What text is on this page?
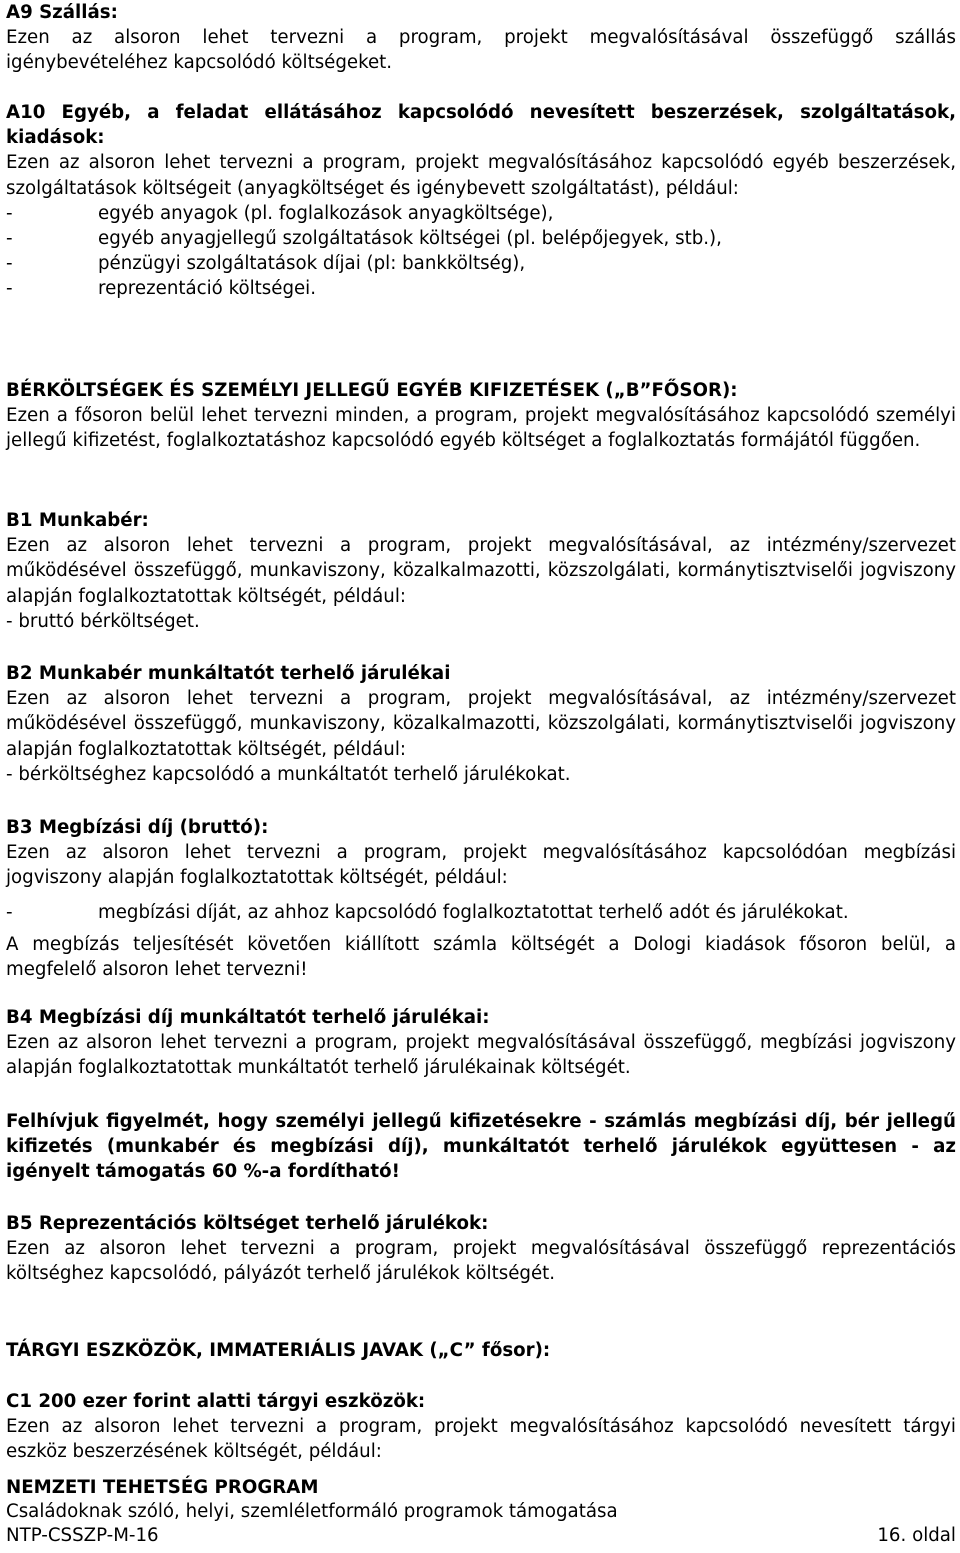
A9 Szállás:

Ezen az alsoron lehet tervezni a program, projekt megvalósításával összefüggő szállás igénybevételéhez kapcsolódó költségeket.

A10 Egyéb, a feladat ellátásához kapcsolódó nevesített beszerzések, szolgáltatások, kiadások:

Ezen az alsoron lehet tervezni a program, projekt megvalósításához kapcsolódó egyéb beszerzések, szolgáltatások költségeit (anyagköltséget és igénybevett szolgáltatást), például:

- egyéb anyagok (pl. foglalkozások anyagköltsége),
- egyéb anyagjellegű szolgáltatások költségei (pl. belépőjegyek, stb.),
- pénzügyi szolgáltatások díjai (pl: bankköltség),
- reprezentáció költségei.

BÉRKÖLTSÉGEK ÉS SZEMÉLYI JELLEGŰ EGYÉB KIFIZETÉSEK („B”FŐSOR):

Ezen a fősoron belül lehet tervezni minden, a program, projekt megvalósításához kapcsolódó személyi jellegű kifizetést, foglalkoztatáshoz kapcsolódó egyéb költséget a foglalkoztatás formájától függően.

B1 Munkabér:

Ezen az alsoron lehet tervezni a program, projekt megvalósításával, az intézmény/szervezet működésével összefüggő, munkaviszony, közalkalmazotti, közszolgálati, kormánytisztviselői jogviszony alapján foglalkoztatottak költségét, például:

- bruttó bérköltséget.

B2 Munkabér munkáltatót terhelő járulékai

Ezen az alsoron lehet tervezni a program, projekt megvalósításával, az intézmény/szervezet működésével összefüggő, munkaviszony, közalkalmazotti, közszolgálati, kormánytisztviselői jogviszony alapján foglalkoztatottak költségét, például:

- bérköltséghez kapcsolódó a munkáltatót terhelő járulékokat.

B3 Megbízási díj (bruttó):

Ezen az alsoron lehet tervezni a program, projekt megvalósításához kapcsolódóan megbízási jogviszony alapján foglalkoztatottak költségét, például:

- megbízási díját, az ahhoz kapcsolódó foglalkoztatottat terhelő adót és járulékokat.

A megbízás teljesítését követően kiállított számla költségét a Dologi kiadások fősoron belül, a megfelelő alsoron lehet tervezni!

B4 Megbízási díj munkáltatót terhelő járulékai:

Ezen az alsoron lehet tervezni a program, projekt megvalósításával összefüggő, megbízási jogviszony alapján foglalkoztatottak munkáltatót terhelő járulékainak költségét.

Felhívjuk figyelmét, hogy személyi jellegű kifizetésekre - számlás megbízási díj, bér jellegű kifizetés (munkabér és megbízási díj), munkáltatót terhelő járulékok együttesen - az igényelt támogatás 60 %-a fordítható!

B5 Reprezentációs költséget terhelő járulékok:

Ezen az alsoron lehet tervezni a program, projekt megvalósításával összefüggő reprezentációs költséghez kapcsolódó, pályázót terhelő járulékok költségét.

TÁRGYI ESZKÖZÖK, IMMATERIÁLIS JAVAK („C” fősor):

C1 200 ezer forint alatti tárgyi eszközök:

Ezen az alsoron lehet tervezni a program, projekt megvalósításához kapcsolódó nevesített tárgyi eszköz beszerzésének költségét, például:

NEMZETI TEHETSÉG PROGRAM
Családoknak szóló, helyi, szemléletformáló programok támogatása
NTP-CSSZP-M-16	16. oldal
